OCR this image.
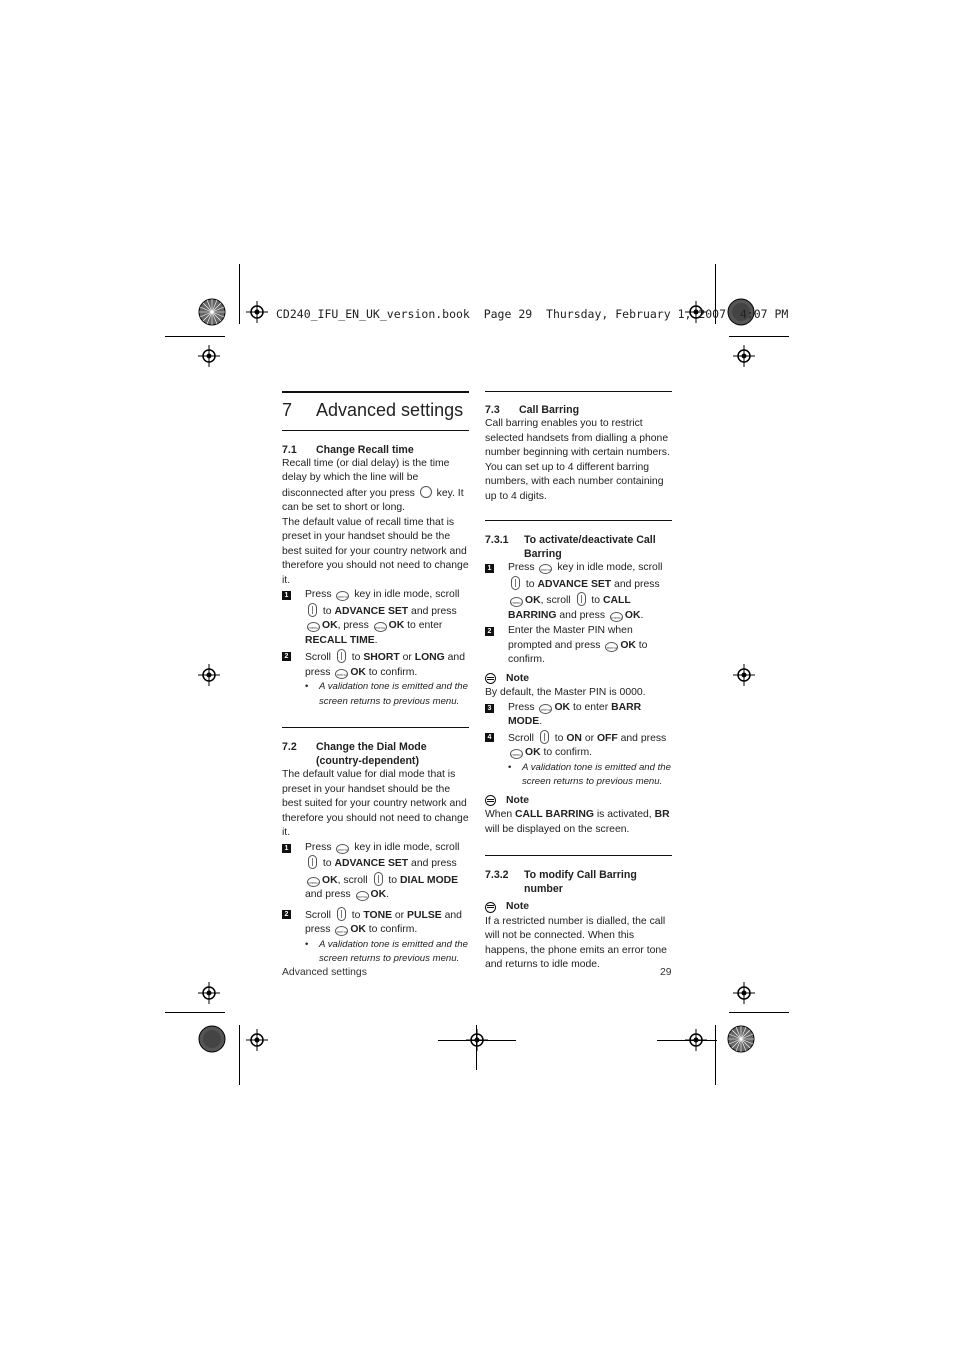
CD240_IFU_EN_UK_version.book  Page 29  Thursday, February 1, 2007  4:07 PM
7 Advanced settings
7.1	Change Recall time

Recall time (or dial delay) is the time delay by which the line will be disconnected after you press key. It can be set to short or long.

The default value of recall time that is preset in your handset should be the best suited for your country network and therefore you should not need to change it.

1 Press menu key in idle mode, scroll  to ADVANCE SET and press menu OK, press menu OK to enter RECALL TIME.
2 Scroll to SHORT or LONG and press menu OK to confirm.
• A validation tone is emitted and the screen returns to previous menu.
7.2	Change the Dial Mode (country-dependent)

The default value for dial mode that is preset in your handset should be the best suited for your country network and therefore you should not need to change it.

1 Press menu key in idle mode, scroll  to ADVANCE SET and press menu OK, scroll to DIAL MODE and press menu OK.
2 Scroll to TONE or PULSE and press menu OK to confirm.
• A validation tone is emitted and the screen returns to previous menu.
7.3	Call Barring

Call barring enables you to restrict selected handsets from dialling a phone number beginning with certain numbers. You can set up to 4 different barring numbers, with each number containing up to 4 digits.

7.3.1	To activate/deactivate Call Barring
1 Press menu key in idle mode, scroll  to ADVANCE SET and press menu OK, scroll to CALL BARRING and press menu OK.
2 Enter the Master PIN when prompted and press menu OK to confirm.
Note

By default, the Master PIN is 0000.

3 Press menu OK to enter BARR MODE.
4 Scroll to ON or OFF and press menu OK to confirm.
• A validation tone is emitted and the screen returns to previous menu.
Note

When CALL BARRING is activated, BR will be displayed on the screen.

7.3.2	To modify Call Barring number
Note

If a restricted number is dialled, the call will not be connected. When this happens, the phone emits an error tone and returns to idle mode.

Advanced settings	29
